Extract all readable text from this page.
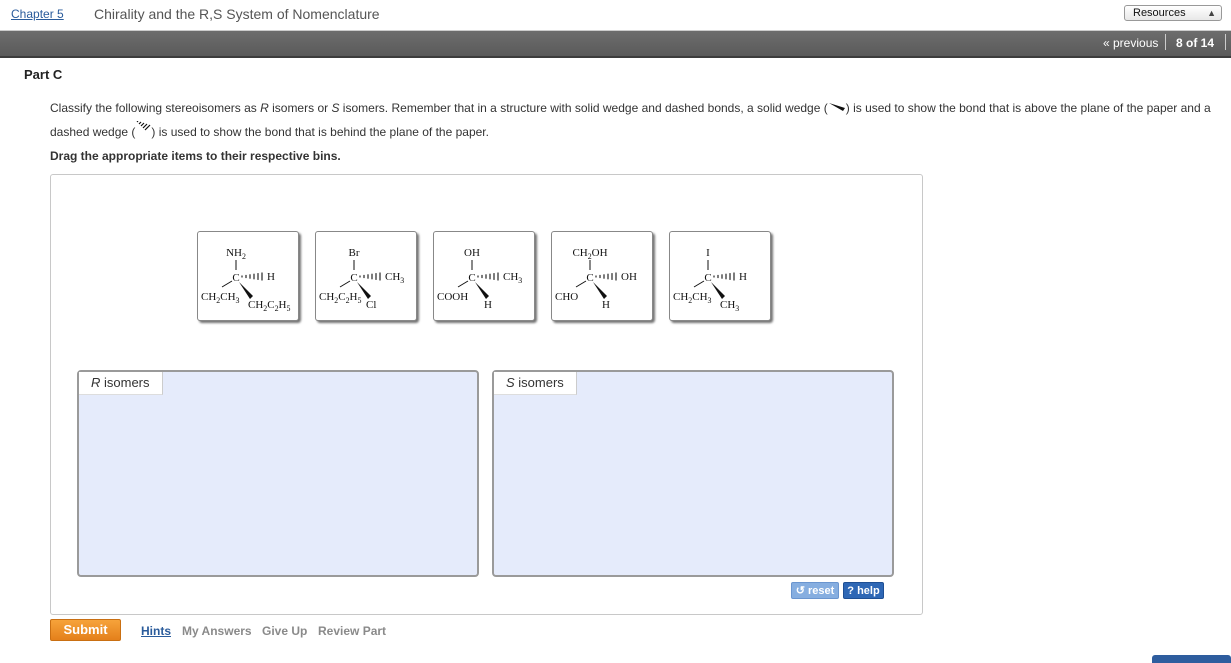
Chapter 5 Chirality and the R,S System of Nomenclature	Resources ▲

« previous 8 of 14
Part C
Classify the following stereoisomers as R isomers or S isomers. Remember that in a structure with solid wedge and dashed bonds, a solid wedge ( ) is used to show the bond that is above the plane of the paper and a dashed wedge ( ) is used to show the bond that is behind the plane of the paper.
Drag the appropriate items to their respective bins.
$NH_2$
C
$CH_2CH_3$
H
$CH_2C_2H_5$
Br
C
$CH_2C_2H_5$
$CH_3$
Cl
OH
C
COOH
$CH_3$
H
$CH_2OH$
C
CHO
OH
H
I
C
$CH_2CH_3$
H
$CH_3$
R isomers	S isomers
↺ reset	? help
Submit	Hints My Answers Give Up Review Part
